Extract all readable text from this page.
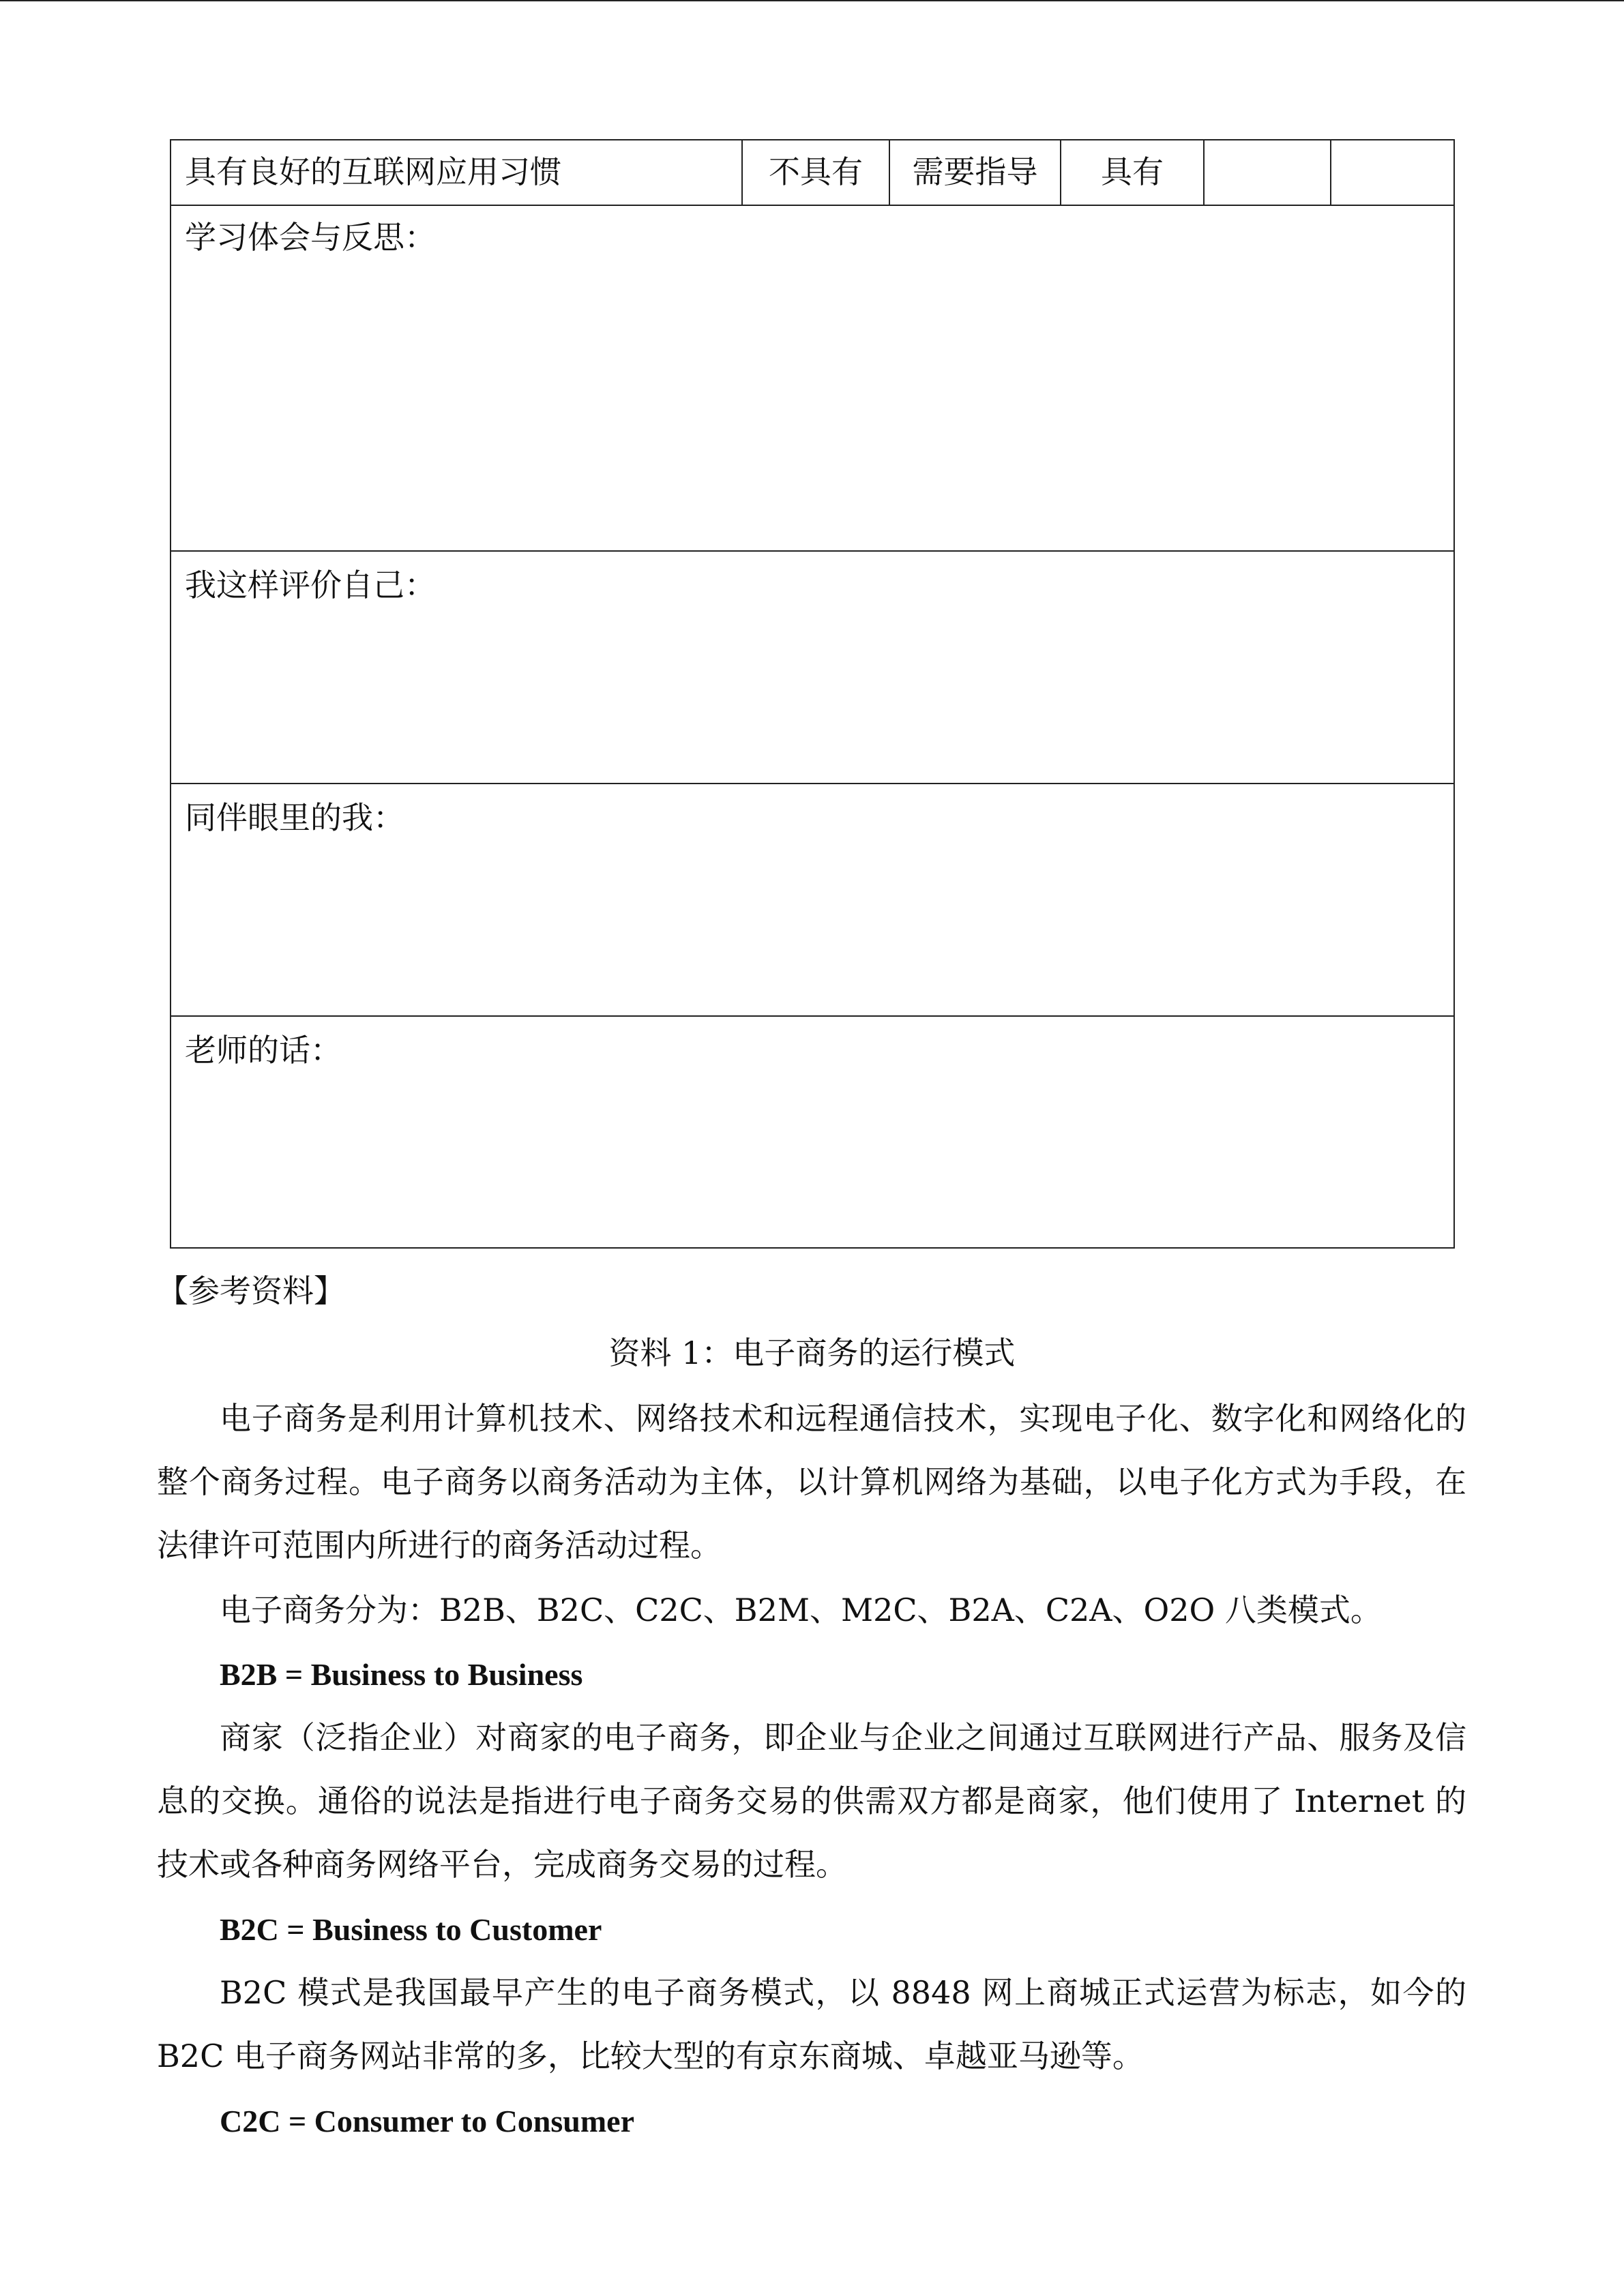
具有良好的互联网应用习惯	不具有	需要指导	具有
学习体会与反思：
我这样评价自己：
同伴眼里的我：
老师的话：
【参考资料】
资料 1：电子商务的运行模式
电子商务是利用计算机技术、网络技术和远程通信技术，实现电子化、数字化和网络化的整个商务过程。电子商务以商务活动为主体，以计算机网络为基础，以电子化方式为手段，在法律许可范围内所进行的商务活动过程。
电子商务分为：B2B、B2C、C2C、B2M、M2C、B2A、C2A、O2O 八类模式。
B2B = Business to Business
商家（泛指企业）对商家的电子商务，即企业与企业之间通过互联网进行产品、服务及信息的交换。通俗的说法是指进行电子商务交易的供需双方都是商家，他们使用了 Internet 的技术或各种商务网络平台，完成商务交易的过程。
B2C = Business to Customer
B2C 模式是我国最早产生的电子商务模式，以 8848 网上商城正式运营为标志，如今的 B2C 电子商务网站非常的多，比较大型的有京东商城、卓越亚马逊等。
C2C = Consumer to Consumer
